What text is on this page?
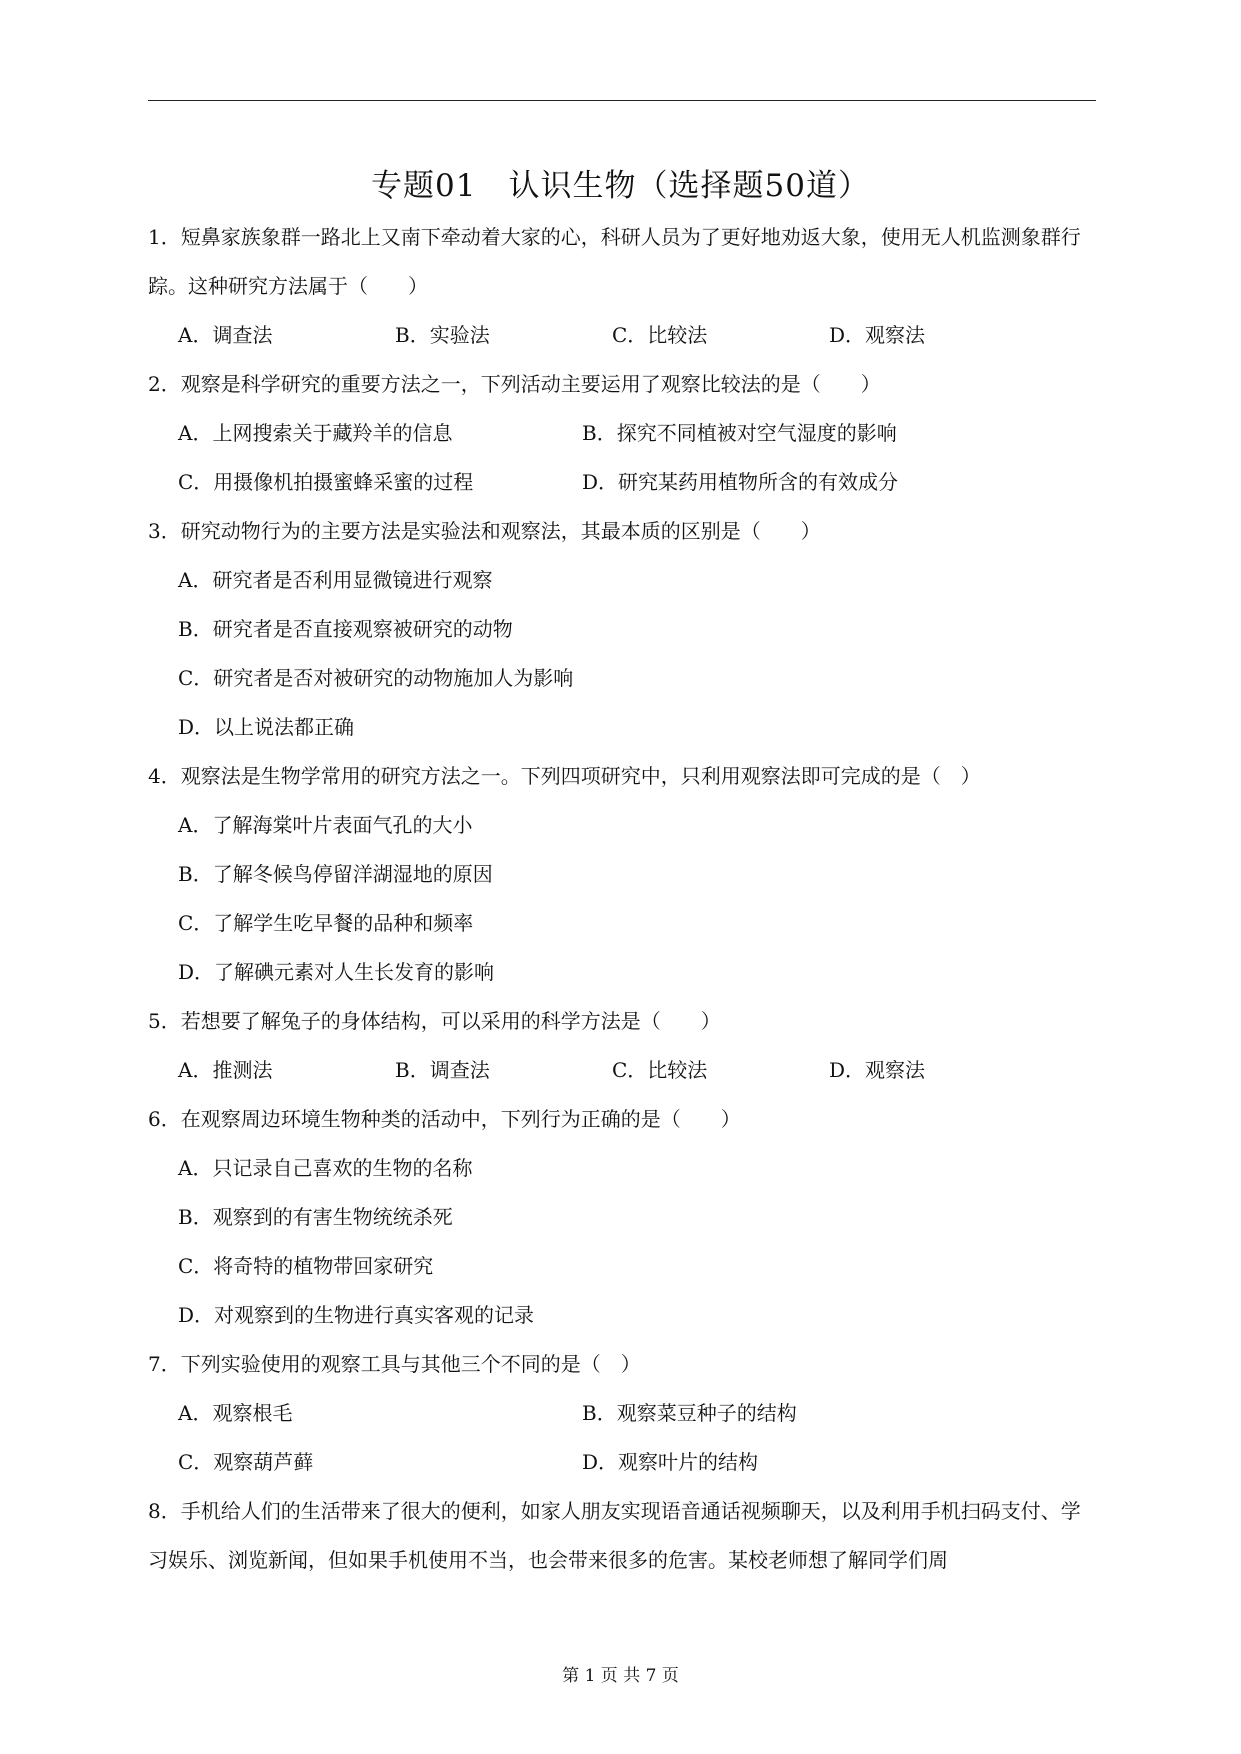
专题01　认识生物（选择题50道）

1．短鼻家族象群一路北上又南下牵动着大家的心，科研人员为了更好地劝返大象，使用无人机监测象群行踪。这种研究方法属于（　　）

A．调查法	B．实验法	C．比较法	D．观察法

2．观察是科学研究的重要方法之一，下列活动主要运用了观察比较法的是（　　）

A．上网搜索关于藏羚羊的信息	B．探究不同植被对空气湿度的影响
C．用摄像机拍摄蜜蜂采蜜的过程	D．研究某药用植物所含的有效成分

3．研究动物行为的主要方法是实验法和观察法，其最本质的区别是（　　）

A．研究者是否利用显微镜进行观察
B．研究者是否直接观察被研究的动物
C．研究者是否对被研究的动物施加人为影响
D．以上说法都正确

4．观察法是生物学常用的研究方法之一。下列四项研究中，只利用观察法即可完成的是（　）

A．了解海棠叶片表面气孔的大小
B．了解冬候鸟停留洋湖湿地的原因
C．了解学生吃早餐的品种和频率
D．了解碘元素对人生长发育的影响

5．若想要了解兔子的身体结构，可以采用的科学方法是（　　）

A．推测法	B．调查法	C．比较法	D．观察法

6．在观察周边环境生物种类的活动中，下列行为正确的是（　　）

A．只记录自己喜欢的生物的名称
B．观察到的有害生物统统杀死
C．将奇特的植物带回家研究
D．对观察到的生物进行真实客观的记录

7．下列实验使用的观察工具与其他三个不同的是（　）

A．观察根毛	B．观察菜豆种子的结构
C．观察葫芦藓	D．观察叶片的结构

8．手机给人们的生活带来了很大的便利，如家人朋友实现语音通话视频聊天，以及利用手机扫码支付、学习娱乐、浏览新闻，但如果手机使用不当，也会带来很多的危害。某校老师想了解同学们周

第 1 页 共 7 页
